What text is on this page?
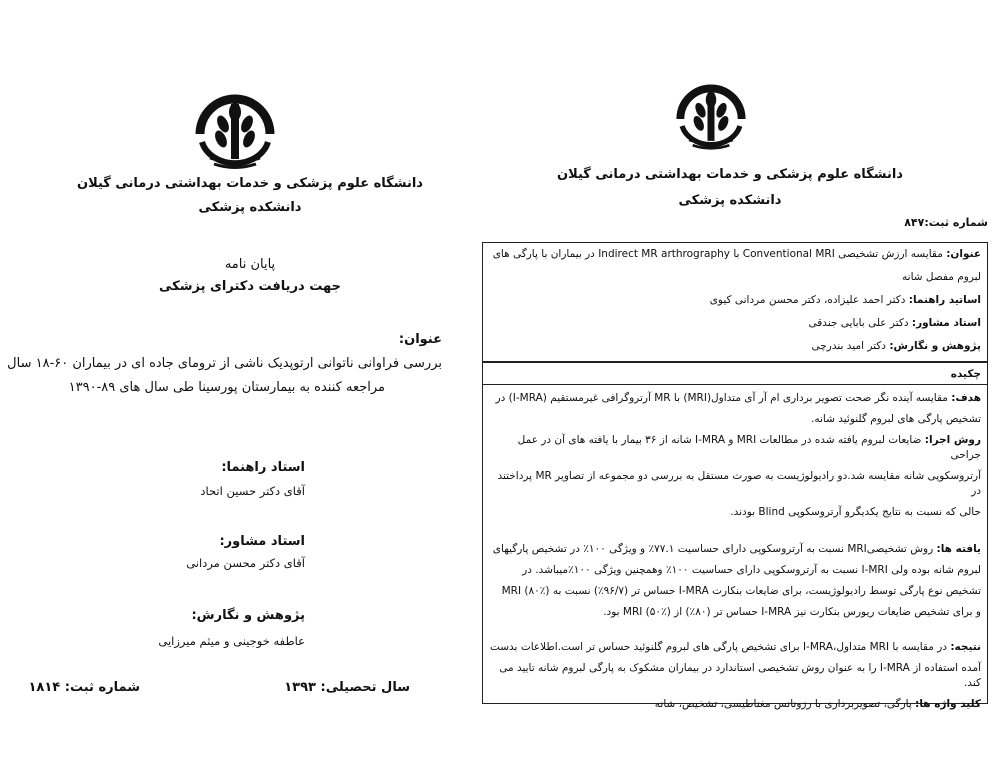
دانشگاه علوم پزشکی و خدمات بهداشتی درمانی گیلان
دانشکده پزشکی
پایان نامه
جهت دریافت دکترای پزشکی
عنوان:
بررسی فراوانی ناتوانی ارتوپدیک ناشی از ترومای جاده ای در بیماران ۶۰-۱۸ سال
مراجعه کننده به بیمارستان پورسینا طی سال های ۸۹-۱۳۹۰
استاد راهنما:
آقای دکتر حسین اتحاد
استاد مشاور:
آقای دکتر محسن مردانی
پژوهش و نگارش:
عاطفه خوجینی و میثم میرزایی
سال تحصیلی: ۱۳۹۳
شماره ثبت: ۱۸۱۴
دانشگاه علوم پزشکی و خدمات بهداشتی درمانی گیلان
دانشکده پزشکی
شماره ثبت:۸۴۷
عنوان: مقایسه ارزش تشخیصی Conventional MRI با Indirect MR arthrography در بیماران با پارگی های
لبروم مفصل شانه
اساتید راهنما: دکتر احمد علیزاده، دکتر محسن مردانی کیوی
استاد مشاور: دکتر علی بابایی جندقی
پژوهش و نگارش: دکتر امید بندرچی
چکیده
هدف: مقایسه آینده نگر صحت تصویر برداری ام آر آی متداول(MRI) با MR آرتروگرافی غیرمستقیم (I-MRA) در
تشخیص پارگی های لبروم گلنوئید شانه.
روش اجرا: ضایعات لبروم یافته شده در مطالعات MRI و I-MRA شانه از ۳۶ بیمار با یافته های آن در عمل جراحی
آرتروسکوپی شانه مقایسه شد.دو رادیولوژیست به صورت مستقل به بررسی دو مجموعه از تصاویر MR پرداختند در
حالی که نسبت به نتایج یکدیگرو آرتروسکوپی Blind بودند.
یافته ها: روش تشخیصیMRI نسبت به آرتروسکوپی دارای حساسیت ۷۷.۱٪ و ویژگی ۱۰۰٪ در تشخیص پارگیهای
لبروم شانه بوده ولی I-MRI نسبت به آرتروسکوپی دارای حساسیت ۱۰۰٪ وهمچنین ویژگی ۱۰۰٪میباشد. در
تشخیص نوع پارگی توسط رادیولوژیست، برای ضایعات بنکارت I-MRA حساس تر (۹۶/۷٪) نسبت به MRI (۸۰٪)
و برای تشخیص ضایعات ریورس بنکارت نیز I-MRA حساس تر (۸۰٪) از MRI (۵۰٪) بود.
نتیجه: در مقایسه با MRI متداول،I-MRA برای تشخیص پارگی های لبروم گلنوئید حساس تر است.اطلاعات بدست
آمده استفاده از I-MRA را به عنوان روش تشخیصی استاندارد در بیماران مشکوک به پارگی لبروم شانه تایید می کند.
کلید واژه ها: پارگی، تصویربرداری با رزونانس مغناطیسی، تشخیص، شانه
